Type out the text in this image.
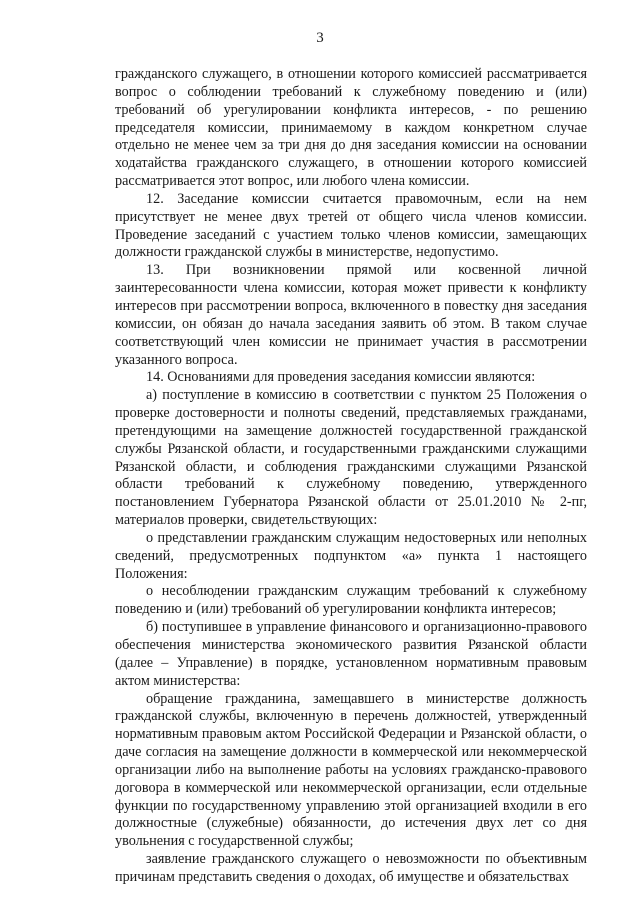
3

гражданского служащего, в отношении которого комиссией рассматривается вопрос о соблюдении требований к служебному поведению и (или) требований об урегулировании конфликта интересов, - по решению председателя комиссии, принимаемому в каждом конкретном случае отдельно не менее чем за три дня до дня заседания комиссии на основании ходатайства гражданского служащего, в отношении которого комиссией рассматривается этот вопрос, или любого члена комиссии.

12. Заседание комиссии считается правомочным, если на нем присутствует не менее двух третей от общего числа членов комиссии. Проведение заседаний с участием только членов комиссии, замещающих должности гражданской службы в министерстве, недопустимо.

13. При возникновении прямой или косвенной личной заинтересованности члена комиссии, которая может привести к конфликту интересов при рассмотрении вопроса, включенного в повестку дня заседания комиссии, он обязан до начала заседания заявить об этом. В таком случае соответствующий член комиссии не принимает участия в рассмотрении указанного вопроса.

14. Основаниями для проведения заседания комиссии являются:

а) поступление в комиссию в соответствии с пунктом 25 Положения о проверке достоверности и полноты сведений, представляемых гражданами, претендующими на замещение должностей государственной гражданской службы Рязанской области, и государственными гражданскими служащими Рязанской области, и соблюдения гражданскими служащими Рязанской области требований к служебному поведению, утвержденного постановлением Губернатора Рязанской области от 25.01.2010 № 2-пг, материалов проверки, свидетельствующих:

о представлении гражданским служащим недостоверных или неполных сведений, предусмотренных подпунктом «а» пункта 1 настоящего Положения:

о несоблюдении гражданским служащим требований к служебному поведению и (или) требований об урегулировании конфликта интересов;

б) поступившее в управление финансового и организационно-правового обеспечения министерства экономического развития Рязанской области (далее – Управление) в порядке, установленном нормативным правовым актом министерства:

обращение гражданина, замещавшего в министерстве должность гражданской службы, включенную в перечень должностей, утвержденный нормативным правовым актом Российской Федерации и Рязанской области, о даче согласия на замещение должности в коммерческой или некоммерческой организации либо на выполнение работы на условиях гражданско-правового договора в коммерческой или некоммерческой организации, если отдельные функции по государственному управлению этой организацией входили в его должностные (служебные) обязанности, до истечения двух лет со дня увольнения с государственной службы;

заявление гражданского служащего о невозможности по объективным причинам представить сведения о доходах, об имуществе и обязательствах
